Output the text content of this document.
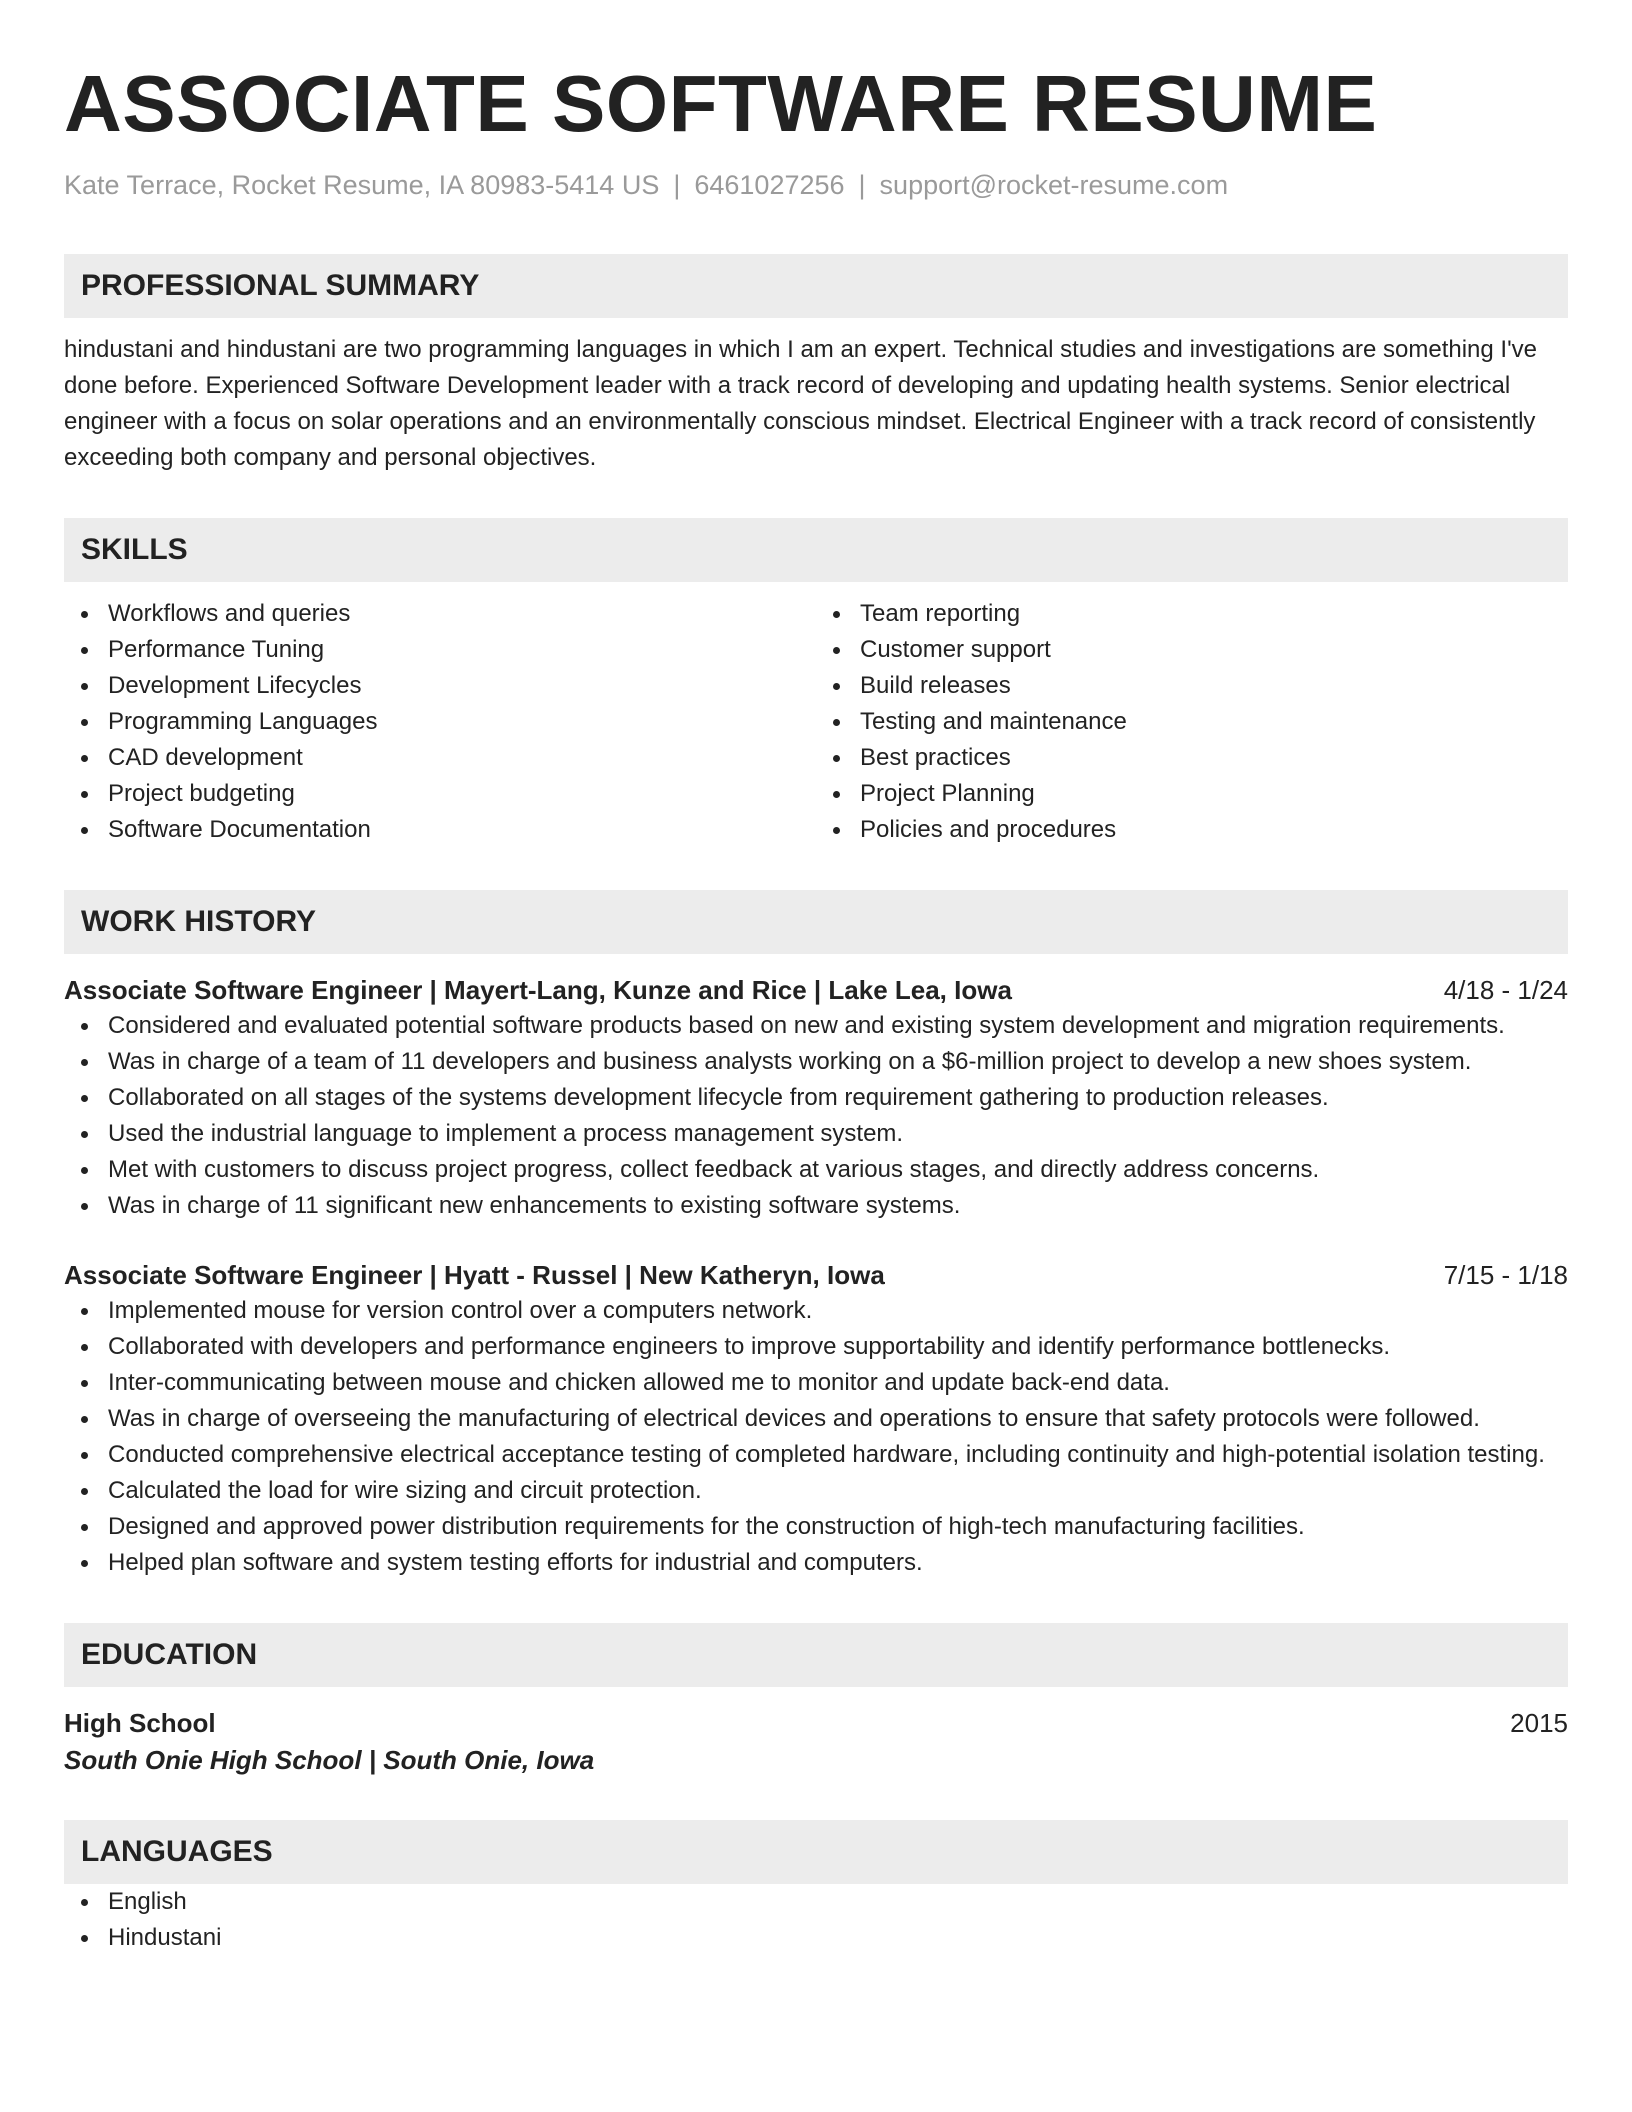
ASSOCIATE SOFTWARE RESUME
Kate Terrace, Rocket Resume, IA 80983-5414 US | 6461027256 | support@rocket-resume.com
PROFESSIONAL SUMMARY
hindustani and hindustani are two programming languages in which I am an expert. Technical studies and investigations are something I've done before. Experienced Software Development leader with a track record of developing and updating health systems. Senior electrical engineer with a focus on solar operations and an environmentally conscious mindset. Electrical Engineer with a track record of consistently exceeding both company and personal objectives.
SKILLS
Workflows and queries
Performance Tuning
Development Lifecycles
Programming Languages
CAD development
Project budgeting
Software Documentation
Team reporting
Customer support
Build releases
Testing and maintenance
Best practices
Project Planning
Policies and procedures
WORK HISTORY
Associate Software Engineer | Mayert-Lang, Kunze and Rice | Lake Lea, Iowa	4/18 - 1/24
Considered and evaluated potential software products based on new and existing system development and migration requirements.
Was in charge of a team of 11 developers and business analysts working on a $6-million project to develop a new shoes system.
Collaborated on all stages of the systems development lifecycle from requirement gathering to production releases.
Used the industrial language to implement a process management system.
Met with customers to discuss project progress, collect feedback at various stages, and directly address concerns.
Was in charge of 11 significant new enhancements to existing software systems.
Associate Software Engineer | Hyatt - Russel | New Katheryn, Iowa	7/15 - 1/18
Implemented mouse for version control over a computers network.
Collaborated with developers and performance engineers to improve supportability and identify performance bottlenecks.
Inter-communicating between mouse and chicken allowed me to monitor and update back-end data.
Was in charge of overseeing the manufacturing of electrical devices and operations to ensure that safety protocols were followed.
Conducted comprehensive electrical acceptance testing of completed hardware, including continuity and high-potential isolation testing.
Calculated the load for wire sizing and circuit protection.
Designed and approved power distribution requirements for the construction of high-tech manufacturing facilities.
Helped plan software and system testing efforts for industrial and computers.
EDUCATION
High School	2015
South Onie High School | South Onie, Iowa
LANGUAGES
English
Hindustani
